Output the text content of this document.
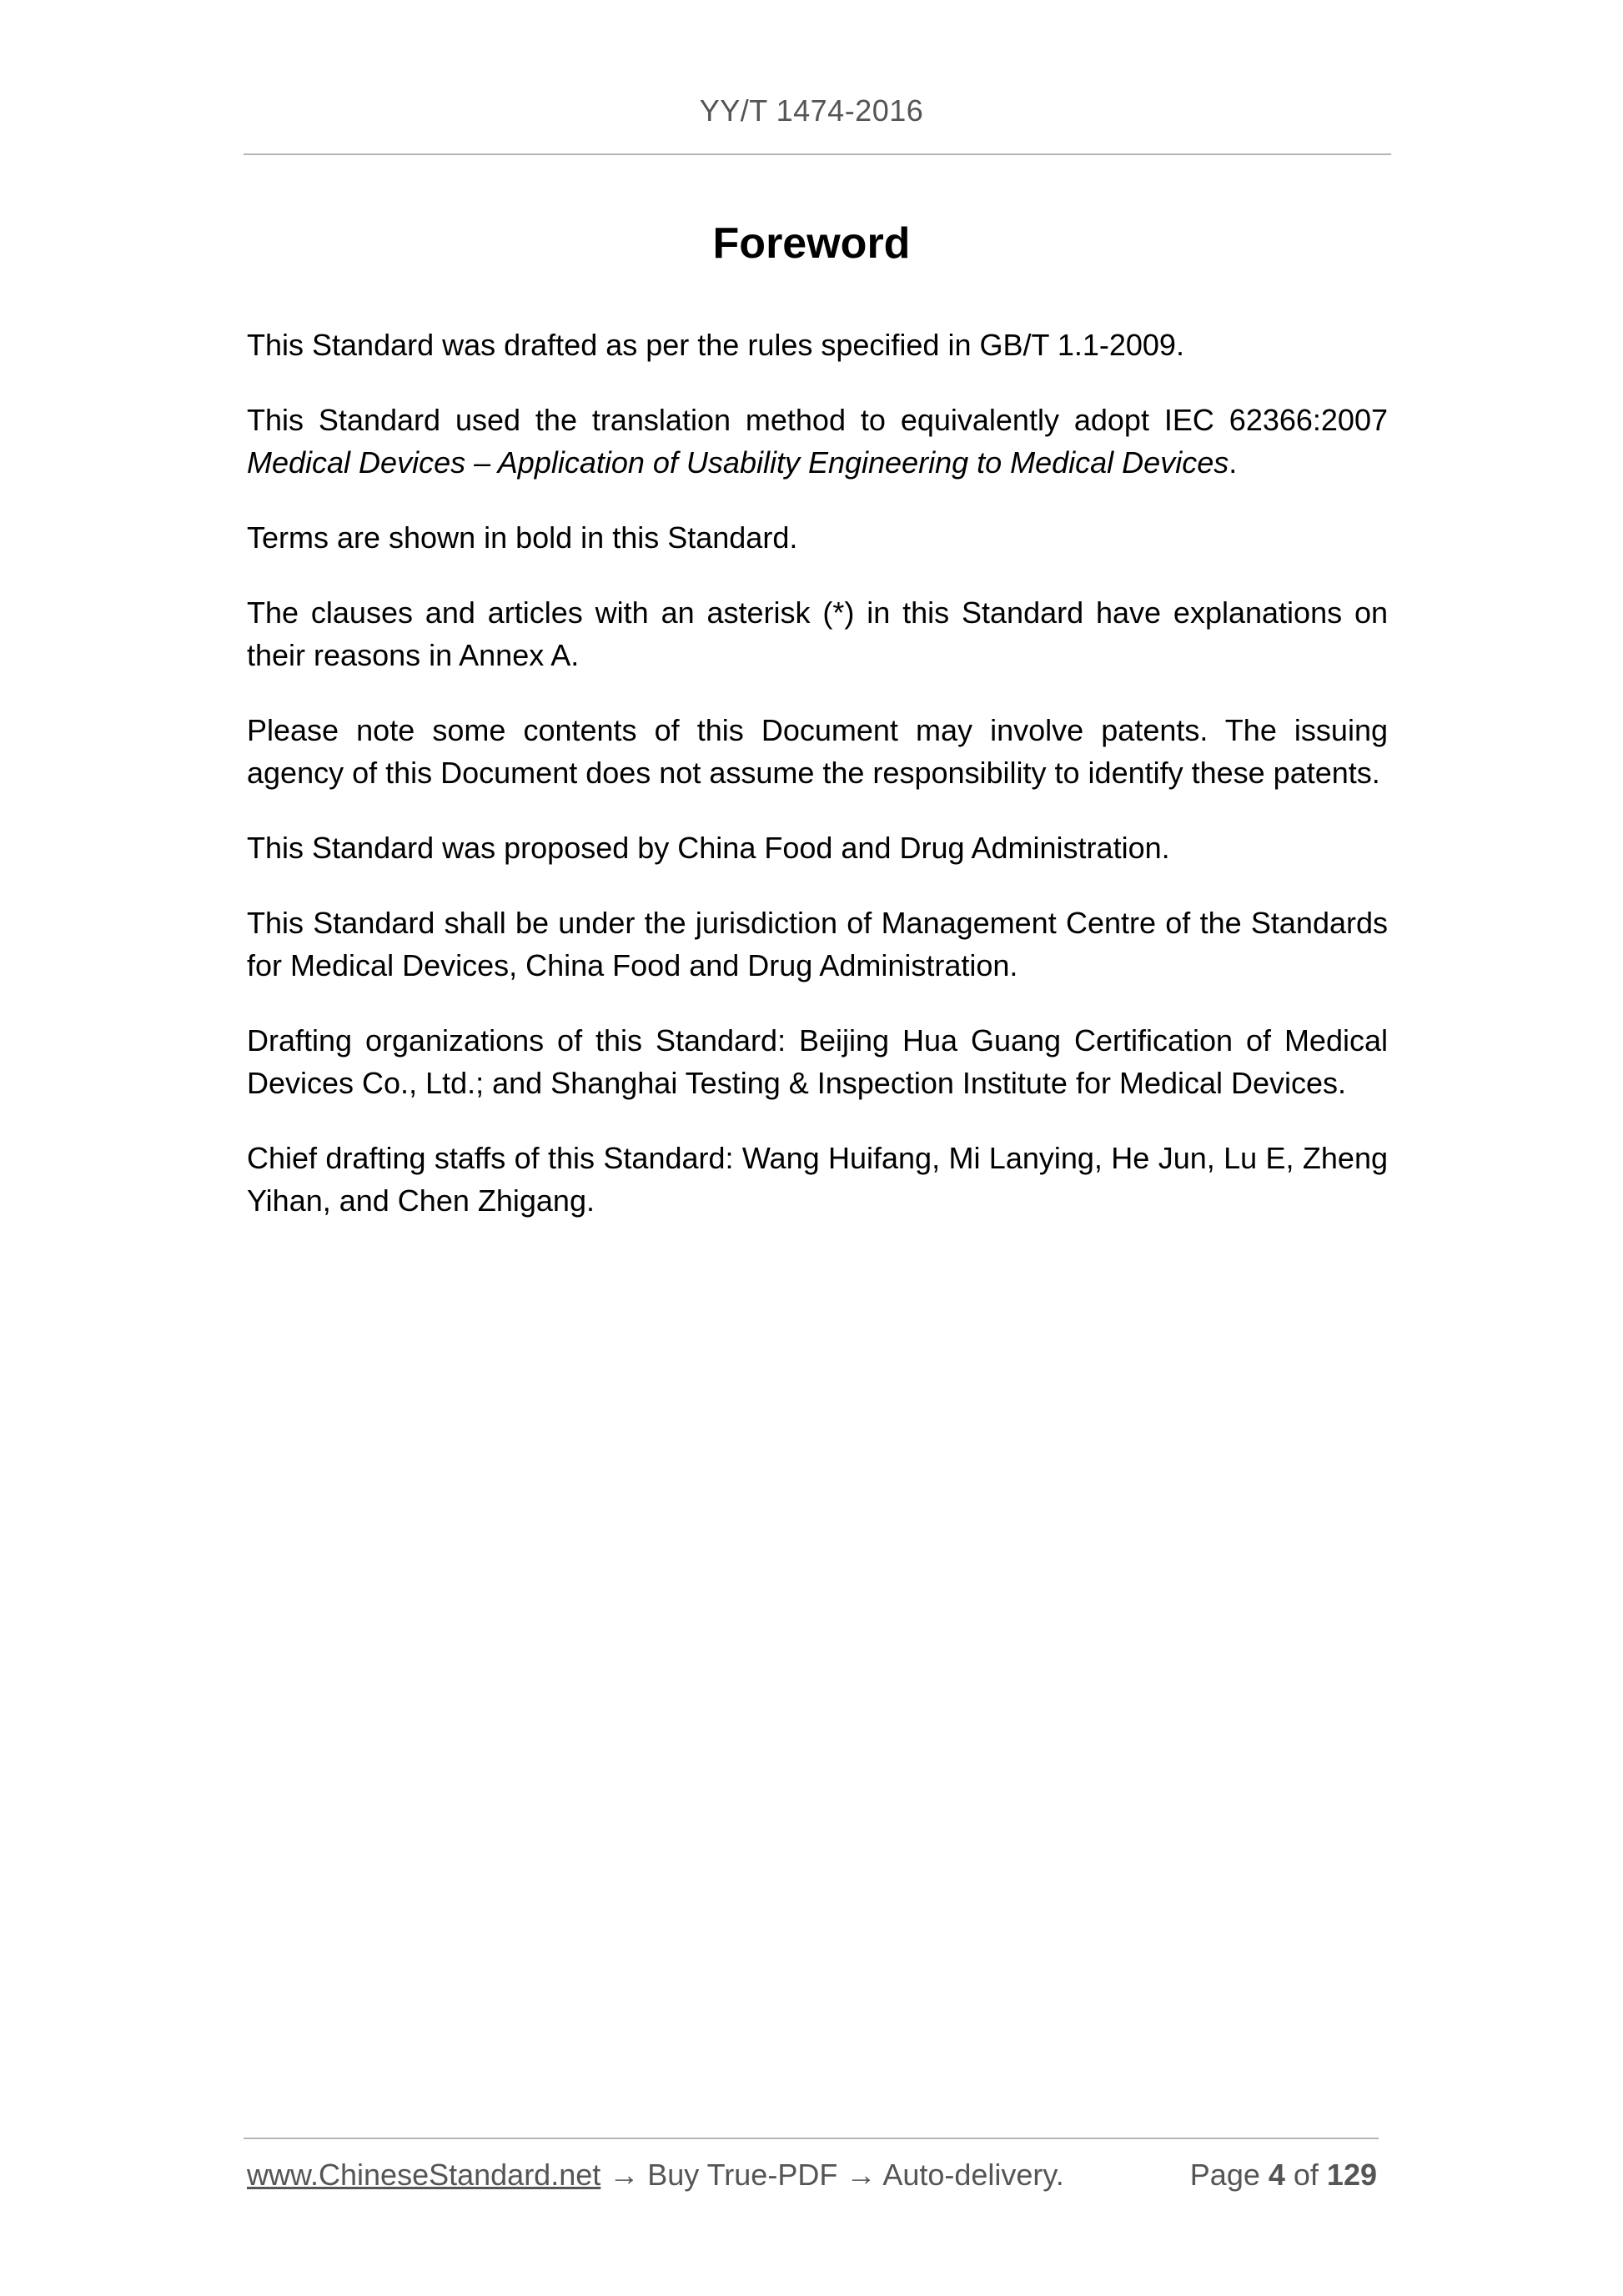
YY/T 1474-2016
Foreword

This Standard was drafted as per the rules specified in GB/T 1.1-2009.

This Standard used the translation method to equivalently adopt IEC 62366:2007 Medical Devices – Application of Usability Engineering to Medical Devices.

Terms are shown in bold in this Standard.

The clauses and articles with an asterisk (*) in this Standard have explanations on their reasons in Annex A.

Please note some contents of this Document may involve patents. The issuing agency of this Document does not assume the responsibility to identify these patents.

This Standard was proposed by China Food and Drug Administration.

This Standard shall be under the jurisdiction of Management Centre of the Standards for Medical Devices, China Food and Drug Administration.

Drafting organizations of this Standard: Beijing Hua Guang Certification of Medical Devices Co., Ltd.; and Shanghai Testing & Inspection Institute for Medical Devices.

Chief drafting staffs of this Standard: Wang Huifang, Mi Lanying, He Jun, Lu E, Zheng Yihan, and Chen Zhigang.

www.ChineseStandard.net → Buy True-PDF → Auto-delivery.	Page 4 of 129
